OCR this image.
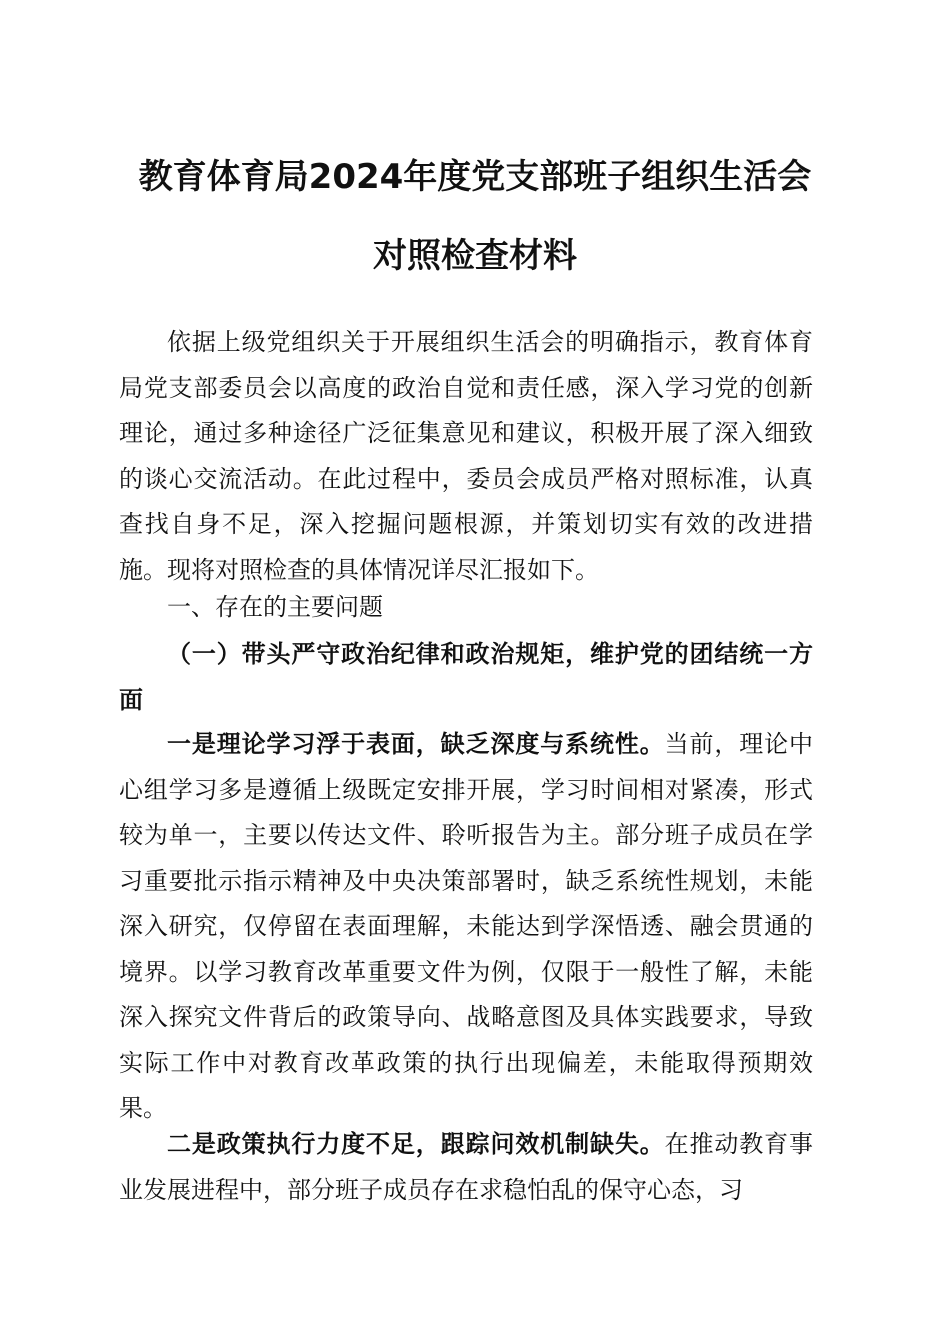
教育体育局2024年度党支部班子组织生活会
对照检查材料

依据上级党组织关于开展组织生活会的明确指示，教育体育局党支部委员会以高度的政治自觉和责任感，深入学习党的创新理论，通过多种途径广泛征集意见和建议，积极开展了深入细致的谈心交流活动。在此过程中，委员会成员严格对照标准，认真查找自身不足，深入挖掘问题根源，并策划切实有效的改进措施。现将对照检查的具体情况详尽汇报如下。

一、存在的主要问题

（一）带头严守政治纪律和政治规矩，维护党的团结统一方面

一是理论学习浮于表面，缺乏深度与系统性。当前，理论中心组学习多是遵循上级既定安排开展，学习时间相对紧凑，形式较为单一，主要以传达文件、聆听报告为主。部分班子成员在学习重要批示指示精神及中央决策部署时，缺乏系统性规划，未能深入研究，仅停留在表面理解，未能达到学深悟透、融会贯通的境界。以学习教育改革重要文件为例，仅限于一般性了解，未能深入探究文件背后的政策导向、战略意图及具体实践要求，导致实际工作中对教育改革政策的执行出现偏差，未能取得预期效果。

二是政策执行力度不足，跟踪问效机制缺失。在推动教育事业发展进程中，部分班子成员存在求稳怕乱的保守心态，习
